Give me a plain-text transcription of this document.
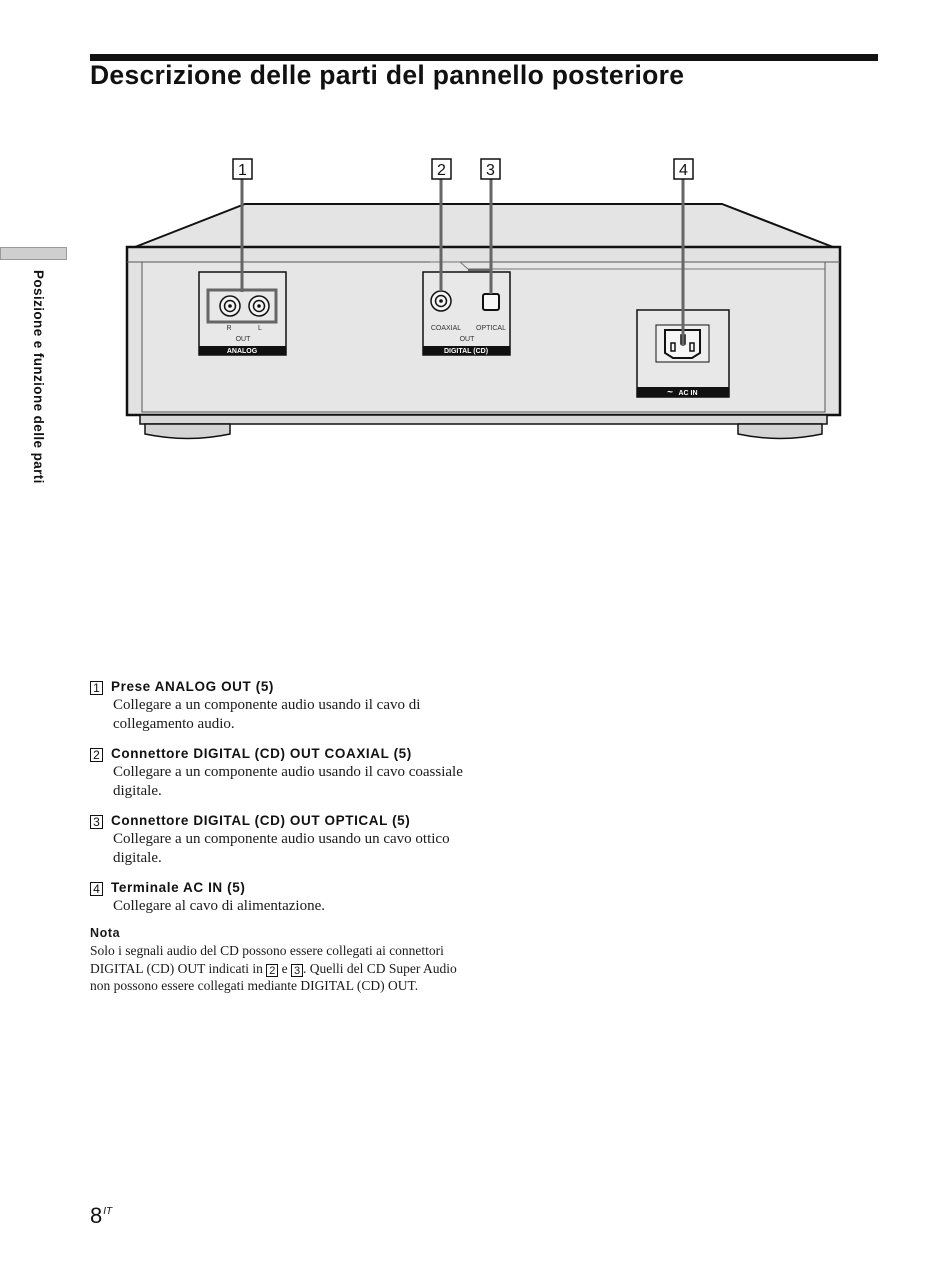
Descrizione delle parti del pannello posteriore
Posizione e funzione delle parti	R	L
OUT
ANALOG
COAXIAL OPTICAL
OUT
DIGITAL (CD)
~ AC IN
1	2	3	4
1 Prese ANALOG OUT (5)
Collegare a un componente audio usando il cavo di collegamento audio.
2 Connettore DIGITAL (CD) OUT COAXIAL (5)
Collegare a un componente audio usando il cavo coassiale digitale.
3 Connettore DIGITAL (CD) OUT OPTICAL (5)
Collegare a un componente audio usando un cavo ottico digitale.
4 Terminale AC IN (5)
Collegare al cavo di alimentazione.
Nota
Solo i segnali audio del CD possono essere collegati ai connettori DIGITAL (CD) OUT indicati in 2 e 3 . Quelli del CD Super Audio non possono essere collegati mediante DIGITAL (CD) OUT.
$8^{IT}$
